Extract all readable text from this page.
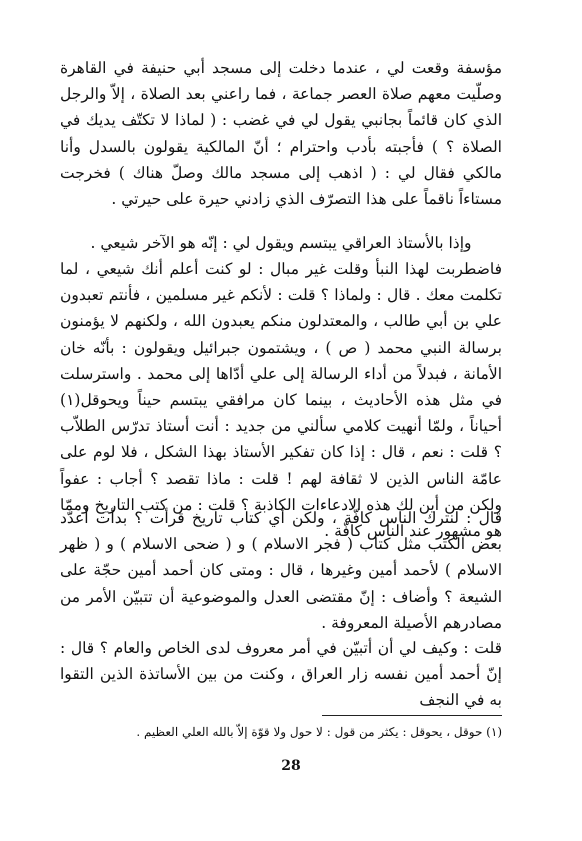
مؤسفة وقعت لي ، عندما دخلت إلى مسجد أبي حنيفة في القاهرة وصلّيت معهم صلاة العصر جماعة ، فما راعني بعد الصلاة ، إلاّ والرجل الذي كان قائماً بجانبي يقول لي في غضب : ( لماذا لا تكتّف يديك في الصلاة ؟ ) فأجبته بأدب واحترام ؛ أنّ المالكية يقولون بالسدل وأنا مالكي فقال لي : ( اذهب إلى مسجد مالك وصلّ هناك ) فخرجت مستاءاً ناقماً على هذا التصرّف الذي زادني حيرة على حيرتي .

وإذا بالأستاذ العراقي يبتسم ويقول لي : إنّه هو الآخر شيعي .

فاضطربت لهذا النبأ وقلت غير مبال : لو كنت أعلم أنك شيعي ، لما تكلمت معك . قال : ولماذا ؟ قلت : لأنكم غير مسلمين ، فأنتم تعبدون علي بن أبي طالب ، والمعتدلون منكم يعبدون الله ، ولكنهم لا يؤمنون برسالة النبي محمد ( ص ) ، ويشتمون جبرائيل ويقولون : بأنّه خان الأمانة ، فبدلاً من أداء الرسالة إلى علي أدّاها إلى محمد . واسترسلت في مثل هذه الأحاديث ، بينما كان مرافقي يبتسم حيناً ويحوقل(١) أحياناً ، ولمّا أنهيت كلامي سألني من جديد : أنت أستاذ تدرّس الطلاّب ؟ قلت : نعم ، قال : إذا كان تفكير الأستاذ بهذا الشكل ، فلا لوم على عامّة الناس الذين لا ثقافة لهم ! قلت : ماذا تقصد ؟ أجاب : عفواً ولكن من أين لك هذه الادعاءات الكاذبة ؟ قلت : من كتب التاريخ وممّا هو مشهور عند الناس كافّة .

قال : لنترك الناس كافّة ، ولكن أي كتاب تاريخ قرأت ؟ بدأت أعدّد بعض الكتب مثل كتاب ( فجر الاسلام ) و ( ضحى الاسلام ) و ( ظهر الاسلام ) لأحمد أمين وغيرها ، قال : ومتى كان أحمد أمين حجّة على الشيعة ؟ وأضاف : إنّ مقتضى العدل والموضوعية أن تتبيّن الأمر من مصادرهم الأصيلة المعروفة .

قلت : وكيف لي أن أتبيّن في أمر معروف لدى الخاص والعام ؟ قال : إنّ أحمد أمين نفسه زار العراق ، وكنت من بين الأساتذة الذين التقوا به في النجف

(١) حوقل ، يحوقل : يكثر من قول : لا حول ولا قوّة إلاّ بالله العلي العظيم .
28
